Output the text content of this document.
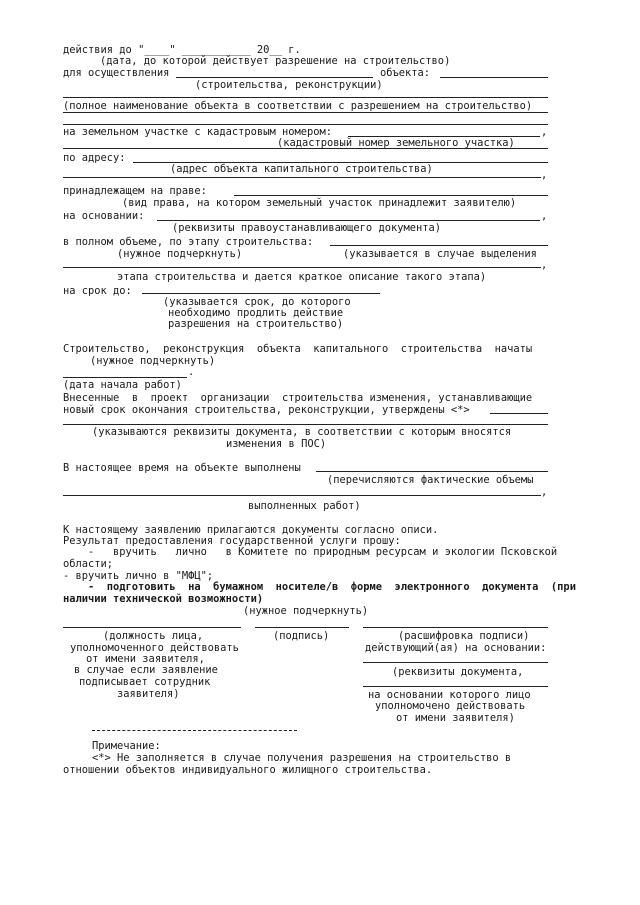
действия до "____" ___________ 20__ г.
(дата, до которой действует разрешение на строительство)
для осуществления	объекта:
(строительства, реконструкции)
(полное наименование объекта в соответствии с разрешением на строительство)
на земельном участке с кадастровым номером:	,
(кадастровый номер земельного участка)
по адресу:
(адрес объекта капитального строительства)	,
принадлежащем на праве:
(вид права, на котором земельный участок принадлежит заявителю)
на основании:	,
(реквизиты правоустанавливающего документа)
в полном объеме, по этапу строительства:
(нужное подчеркнуть)	(указывается в случае выделения
,
этапа строительства и дается краткое описание такого этапа)
на срок до:
(указывается срок, до которого
необходимо продлить действие
разрешения на строительство)
Строительство,  реконструкция  объекта  капитального  строительства  начаты
(нужное подчеркнуть)
.
(дата начала работ)
Внесенные  в  проект  организации  строительства изменения, устанавливающие
новый срок окончания строительства, реконструкции, утверждены <*>
(указываются реквизиты документа, в соответствии с которым вносятся
изменения в ПОС)
В настоящее время на объекте выполнены
(перечисляются фактические объемы
,
выполненных работ)
К настоящему заявлению прилагаются документы согласно описи.
Результат предоставления государственной услуги прошу:
-   вручить   лично   в Комитете по природным ресурсам и экологии Псковской
области;
- вручить лично в "МФЦ";
-  подготовить  на  бумажном  носителе/в  форме  электронного  документа  (при
наличии технической возможности)
(нужное подчеркнуть)
(должность лица,
уполномоченного действовать
от имени заявителя,
в случае если заявление
подписывает сотрудник
заявителя)
(подпись)	(расшифровка подписи)
действующий(ая) на основании:
(реквизиты документа,
на основании которого лицо
уполномочено действовать
от имени заявителя)
Примечание:
<*> Не заполняется в случае получения разрешения на строительство в
отношении объектов индивидуального жилищного строительства.
